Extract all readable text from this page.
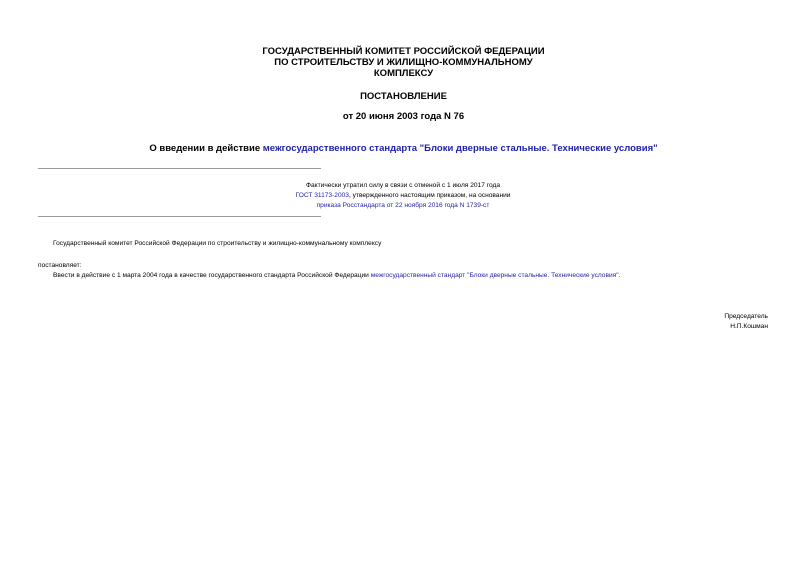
ГОСУДАРСТВЕННЫЙ КОМИТЕТ РОССИЙСКОЙ ФЕДЕРАЦИИ
ПО СТРОИТЕЛЬСТВУ И ЖИЛИЩНО-КОММУНАЛЬНОМУ
КОМПЛЕКСУ
ПОСТАНОВЛЕНИЕ
от 20 июня 2003 года N 76
О введении в действие межгосударственного стандарта "Блоки дверные стальные. Технические условия"
Фактически утратил силу в связи с отменой с 1 июля 2017 года
ГОСТ 31173-2003, утвержденного настоящим приказом, на основании
приказа Росстандарта от 22 ноября 2016 года N 1739-ст
Государственный комитет Российской Федерации по строительству и жилищно-коммунальному комплексу
постановляет:
Ввести в действие с 1 марта 2004 года в качестве государственного стандарта Российской Федерации межгосударственный стандарт "Блоки дверные стальные. Технические условия".
Председатель
Н.П.Кошман
